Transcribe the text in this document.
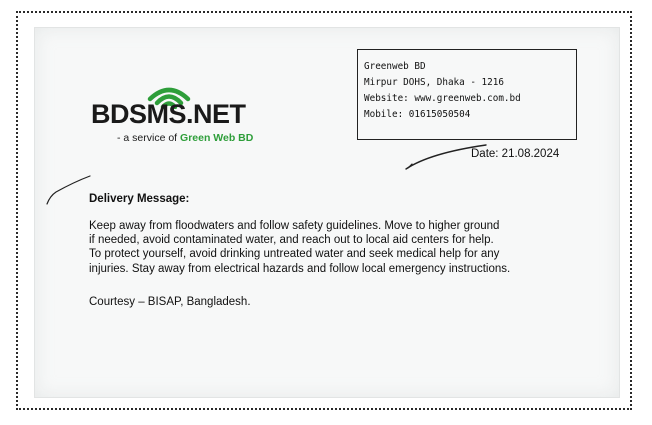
BDSMS.NET
- a service of Green Web BD
Greenweb BD
Mirpur DOHS, Dhaka - 1216
Website: www.greenweb.com.bd
Mobile: 01615050504
Date: 21.08.2024
Delivery Message:
Keep away from floodwaters and follow safety guidelines. Move to higher ground
if needed, avoid contaminated water, and reach out to local aid centers for help.
To protect yourself, avoid drinking untreated water and seek medical help for any
injuries. Stay away from electrical hazards and follow local emergency instructions.
Courtesy – BISAP, Bangladesh.
